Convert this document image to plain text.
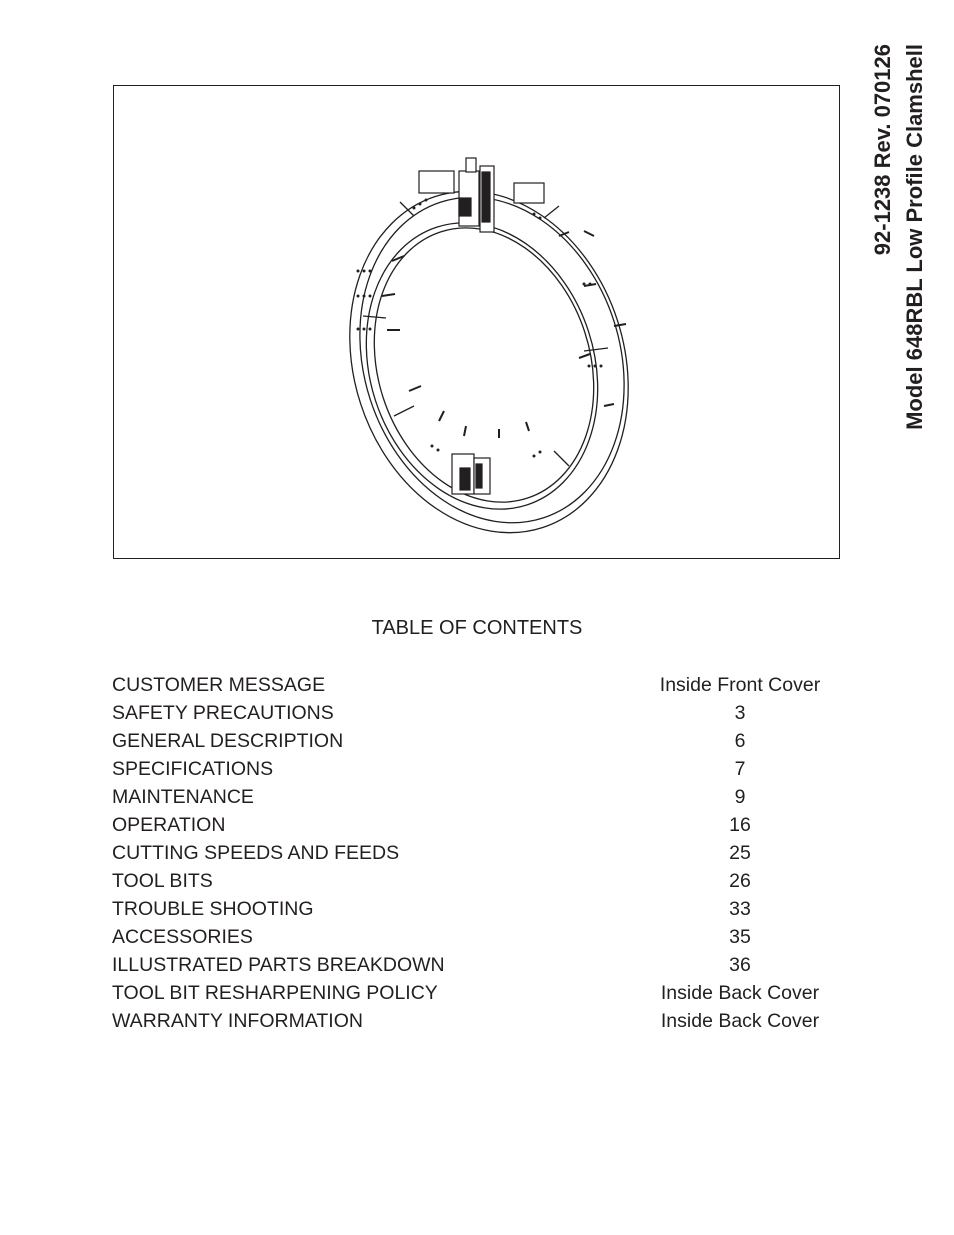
92-1238 Rev. 070126 Model 648RBL Low Profile Clamshell
TABLE OF CONTENTS
CUSTOMER MESSAGE	Inside Front Cover
SAFETY PRECAUTIONS	3
GENERAL DESCRIPTION	6
SPECIFICATIONS	7
MAINTENANCE	9
OPERATION	16
CUTTING SPEEDS AND FEEDS	25
TOOL BITS	26
TROUBLE SHOOTING	33
ACCESSORIES	35
ILLUSTRATED PARTS BREAKDOWN	36
TOOL BIT RESHARPENING POLICY	Inside Back Cover
WARRANTY INFORMATION	Inside Back Cover
